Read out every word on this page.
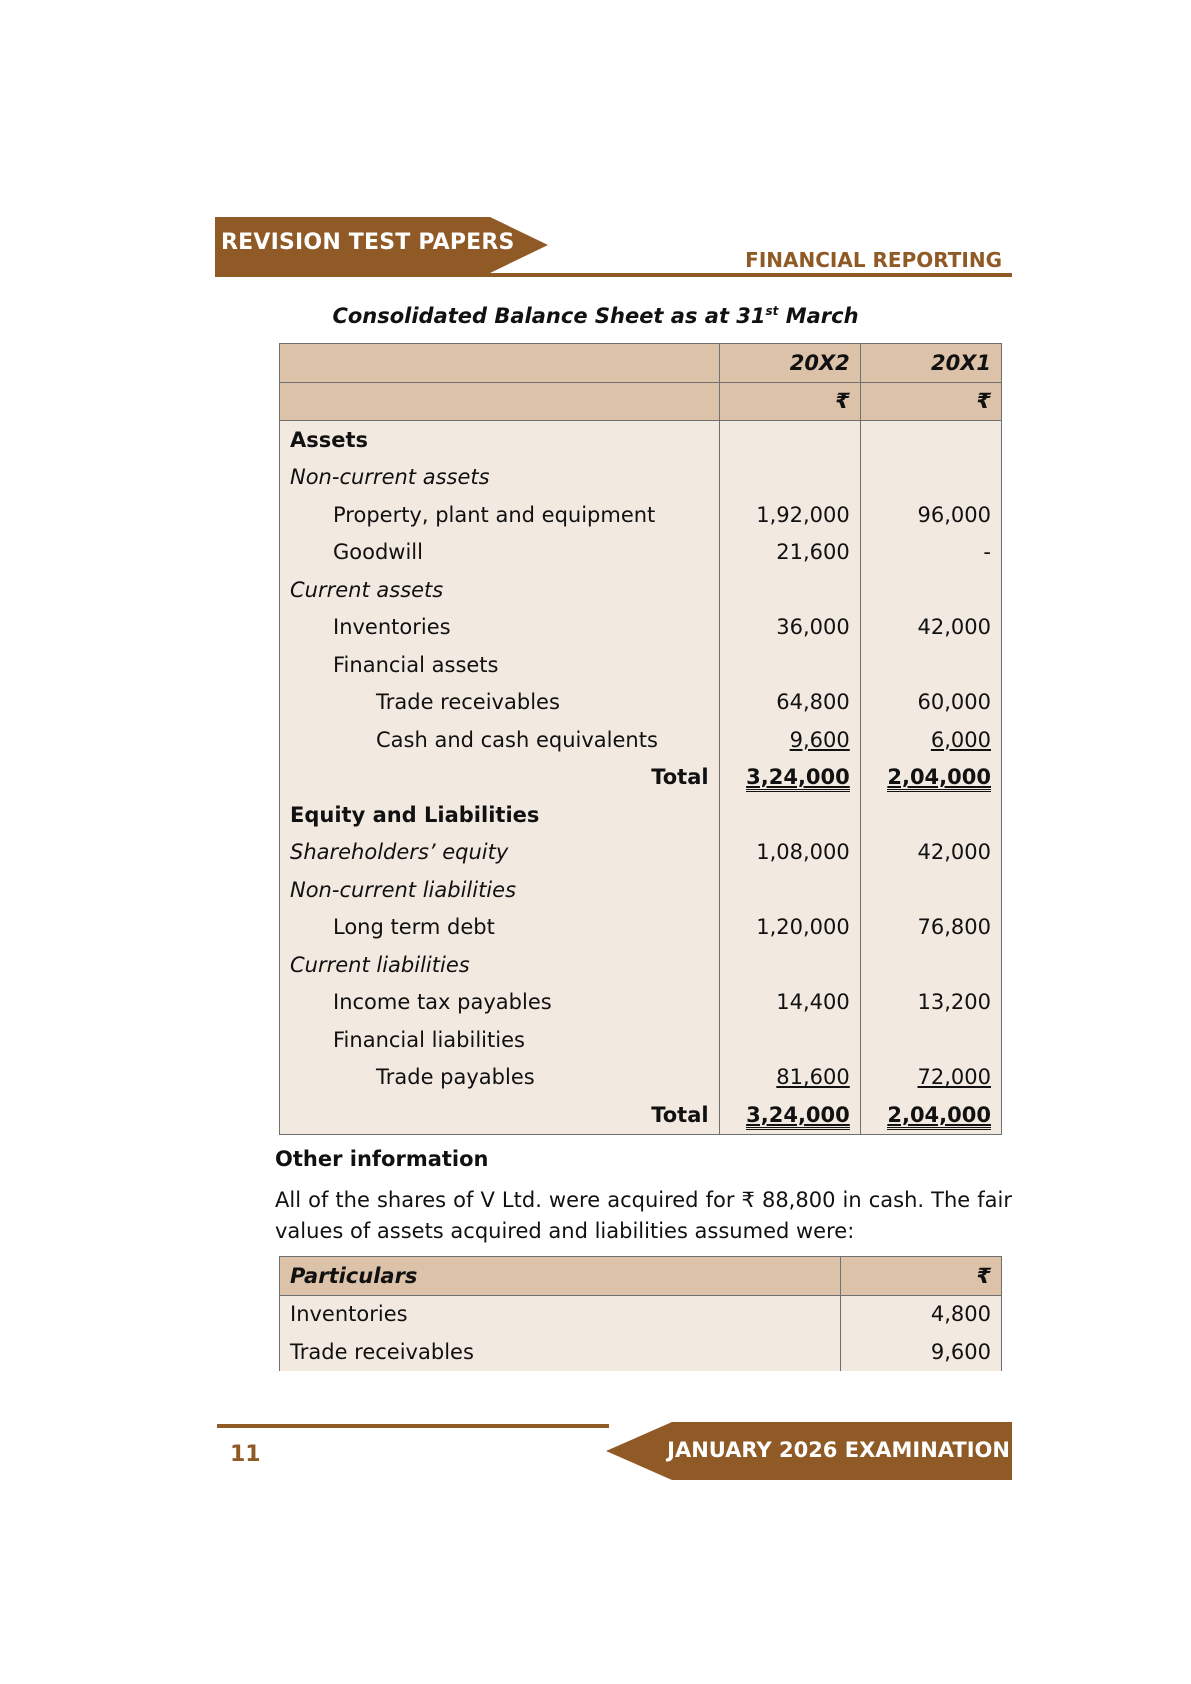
REVISION TEST PAPERS
FINANCIAL REPORTING
Consolidated Balance Sheet as at 31st March
	20X2	20X1
	₹	₹
Assets		
Non-current assets		
Property, plant and equipment	1,92,000	96,000
Goodwill	21,600	-
Current assets		
Inventories	36,000	42,000
Financial assets		
Trade receivables	64,800	60,000
Cash and cash equivalents	9,600	6,000
Total	3,24,000	2,04,000
Equity and Liabilities		
Shareholders’ equity	1,08,000	42,000
Non-current liabilities		
Long term debt	1,20,000	76,800
Current liabilities		
Income tax payables	14,400	13,200
Financial liabilities		
Trade payables	81,600	72,000
Total	3,24,000	2,04,000
Other information
All of the shares of V Ltd. were acquired for ₹ 88,800 in cash. The fair values of assets acquired and liabilities assumed were:
Particulars	₹
Inventories	4,800
Trade receivables	9,600
11	JANUARY 2026 EXAMINATION
